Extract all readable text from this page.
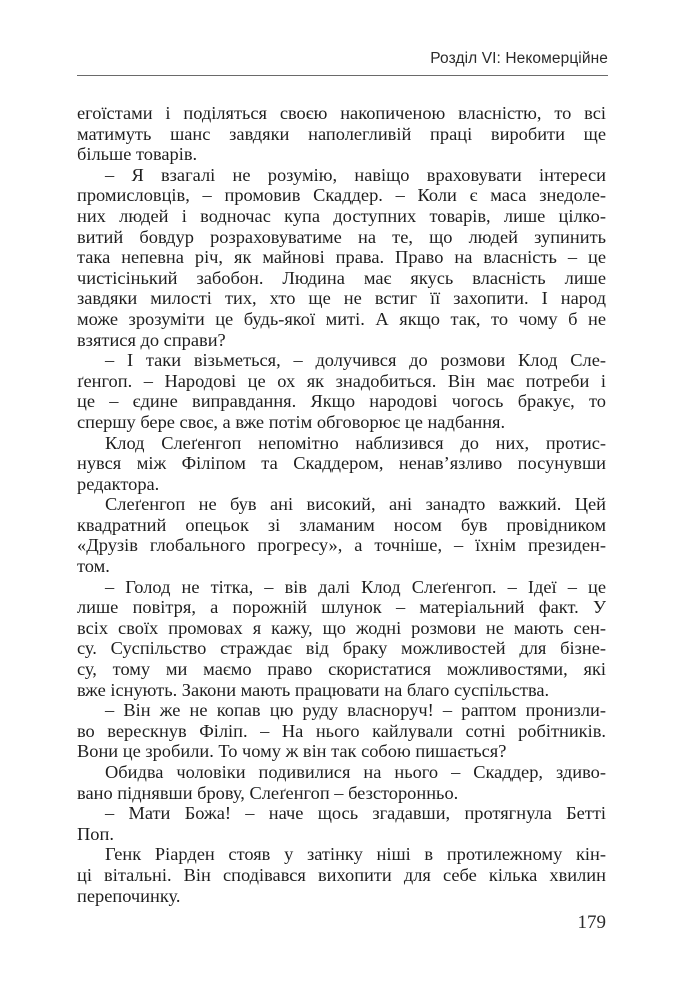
Розділ VI: Некомерційне

егоїстами і поділяться своєю накопиченою власністю, то всі
матимуть шанс завдяки наполегливій праці виробити ще
більше товарів.

– Я взагалі не розумію, навіщо враховувати інтереси
промисловців, – промовив Скаддер. – Коли є маса знедоле-
них людей і водночас купа доступних товарів, лише цілко-
витий бовдур розраховуватиме на те, що людей зупинить
така непевна річ, як майнові права. Право на власність – це
чистісінький забобон. Людина має якусь власність лише
завдяки милості тих, хто ще не встиг її захопити. І народ
може зрозуміти це будь-якої миті. А якщо так, то чому б не
взятися до справи?

– І таки візьметься, – долучився до розмови Клод Сле-
ґенгоп. – Народові це ох як знадобиться. Він має потреби і
це – єдине виправдання. Якщо народові чогось бракує, то
спершу бере своє, а вже потім обговорює це надбання.

Клод Слеґенгоп непомітно наблизився до них, протис-
нувся між Філіпом та Скаддером, ненав’язливо посунувши
редактора.

Слеґенгоп не був ані високий, ані занадто важкий. Цей
квадратний опецьок зі зламаним носом був провідником
«Друзів глобального прогресу», а точніше, – їхнім президен-
том.

– Голод не тітка, – вів далі Клод Слеґенгоп. – Ідеї – це
лише повітря, а порожній шлунок – матеріальний факт. У
всіх своїх промовах я кажу, що жодні розмови не мають сен-
су. Суспільство страждає від браку можливостей для бізне-
су, тому ми маємо право скористатися можливостями, які
вже існують. Закони мають працювати на благо суспільства.

– Він же не копав цю руду власноруч! – раптом пронизли-
во верескнув Філіп. – На нього кайлували сотні робітників.
Вони це зробили. То чому ж він так собою пишається?

Обидва чоловіки подивилися на нього – Скаддер, здиво-
вано піднявши брову, Слеґенгоп – безсторонньо.

– Мати Божа! – наче щось згадавши, протягнула Бетті
Поп.

Генк Ріарден стояв у затінку ніші в протилежному кін-
ці вітальні. Він сподівався вихопити для себе кілька хвилин
перепочинку.

179
